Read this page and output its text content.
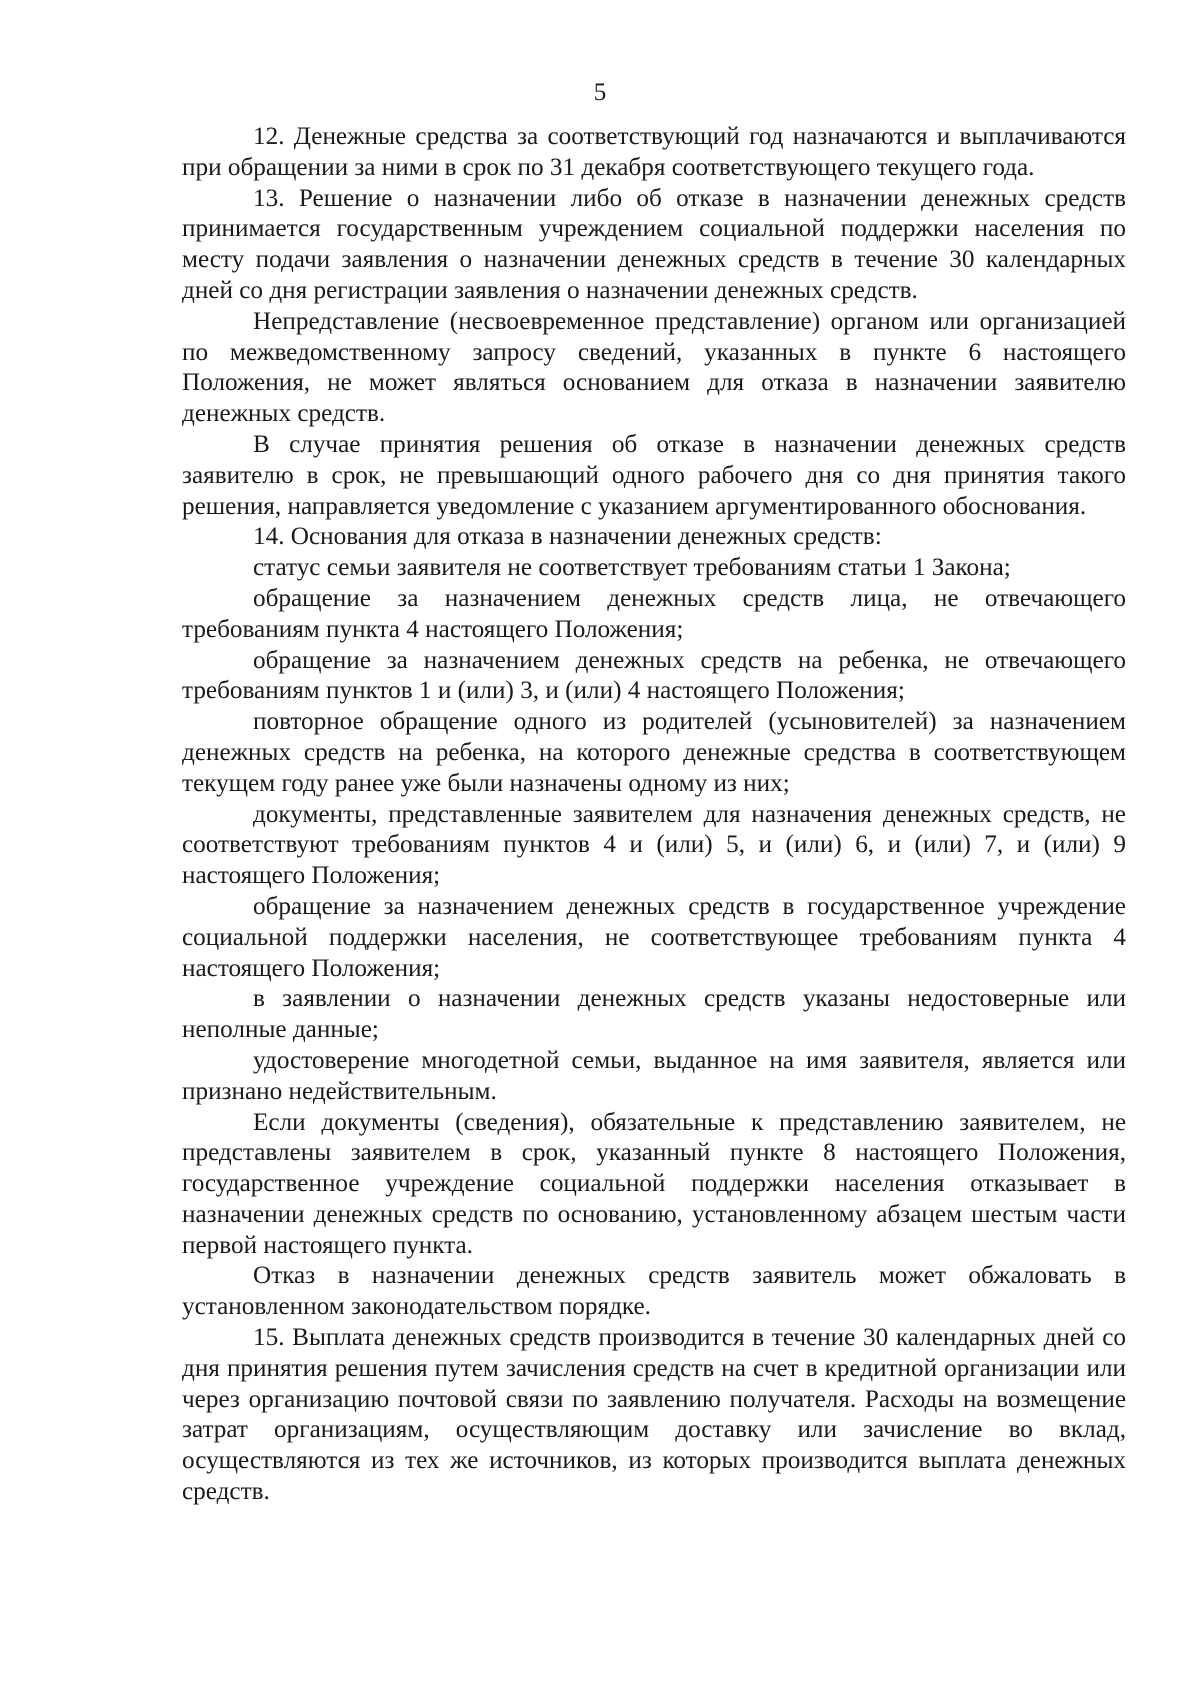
5

12. Денежные средства за соответствующий год назначаются и выплачиваются при обращении за ними в срок по 31 декабря соответствующего текущего года.

13. Решение о назначении либо об отказе в назначении денежных средств принимается государственным учреждением социальной поддержки населения по месту подачи заявления о назначении денежных средств в течение 30 календарных дней со дня регистрации заявления о назначении денежных средств.

Непредставление (несвоевременное представление) органом или организацией по межведомственному запросу сведений, указанных в пункте 6 настоящего Положения, не может являться основанием для отказа в назначении заявителю денежных средств.

В случае принятия решения об отказе в назначении денежных средств заявителю в срок, не превышающий одного рабочего дня со дня принятия такого решения, направляется уведомление с указанием аргументированного обоснования.

14. Основания для отказа в назначении денежных средств:

статус семьи заявителя не соответствует требованиям статьи 1 Закона;

обращение за назначением денежных средств лица, не отвечающего требованиям пункта 4 настоящего Положения;

обращение за назначением денежных средств на ребенка, не отвечающего требованиям пунктов 1 и (или) 3, и (или) 4 настоящего Положения;

повторное обращение одного из родителей (усыновителей) за назначением денежных средств на ребенка, на которого денежные средства в соответствующем текущем году ранее уже были назначены одному из них;

документы, представленные заявителем для назначения денежных средств, не соответствуют требованиям пунктов 4 и (или) 5, и (или) 6, и (или) 7, и (или) 9 настоящего Положения;

обращение за назначением денежных средств в государственное учреждение социальной поддержки населения, не соответствующее требованиям пункта 4 настоящего Положения;

в заявлении о назначении денежных средств указаны недостоверные или неполные данные;

удостоверение многодетной семьи, выданное на имя заявителя, является или признано недействительным.

Если документы (сведения), обязательные к представлению заявителем, не представлены заявителем в срок, указанный пункте 8 настоящего Положения, государственное учреждение социальной поддержки населения отказывает в назначении денежных средств по основанию, установленному абзацем шестым части первой настоящего пункта.

Отказ в назначении денежных средств заявитель может обжаловать в установленном законодательством порядке.

15. Выплата денежных средств производится в течение 30 календарных дней со дня принятия решения путем зачисления средств на счет в кредитной организации или через организацию почтовой связи по заявлению получателя. Расходы на возмещение затрат организациям, осуществляющим доставку или зачисление во вклад, осуществляются из тех же источников, из которых производится выплата денежных средств.
